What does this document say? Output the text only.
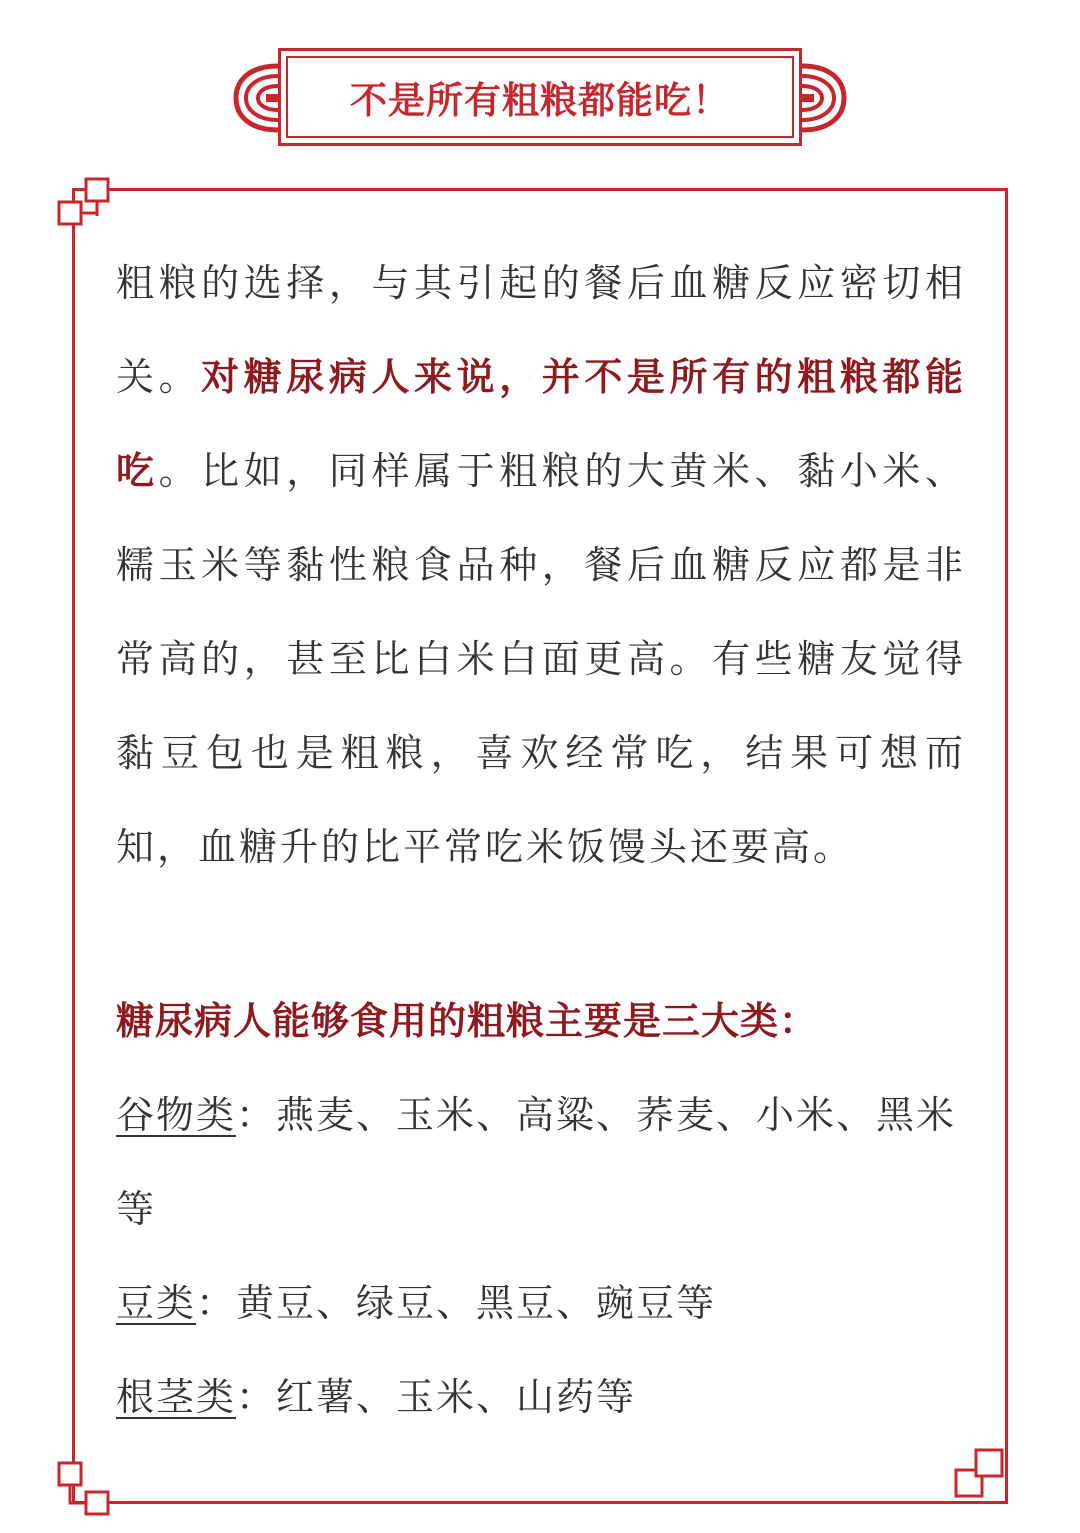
不是所有粗粮都能吃！

粗粮的选择，与其引起的餐后血糖反应密切相关。对糖尿病人来说，并不是所有的粗粮都能吃。比如，同样属于粗粮的大黄米、黏小米、糯玉米等黏性粮食品种，餐后血糖反应都是非常高的，甚至比白米白面更高。有些糖友觉得黏豆包也是粗粮，喜欢经常吃，结果可想而知，血糖升的比平常吃米饭馒头还要高。

糖尿病人能够食用的粗粮主要是三大类：

谷物类：燕麦、玉米、高粱、荞麦、小米、黑米等

豆类：黄豆、绿豆、黑豆、豌豆等

根茎类：红薯、玉米、山药等
